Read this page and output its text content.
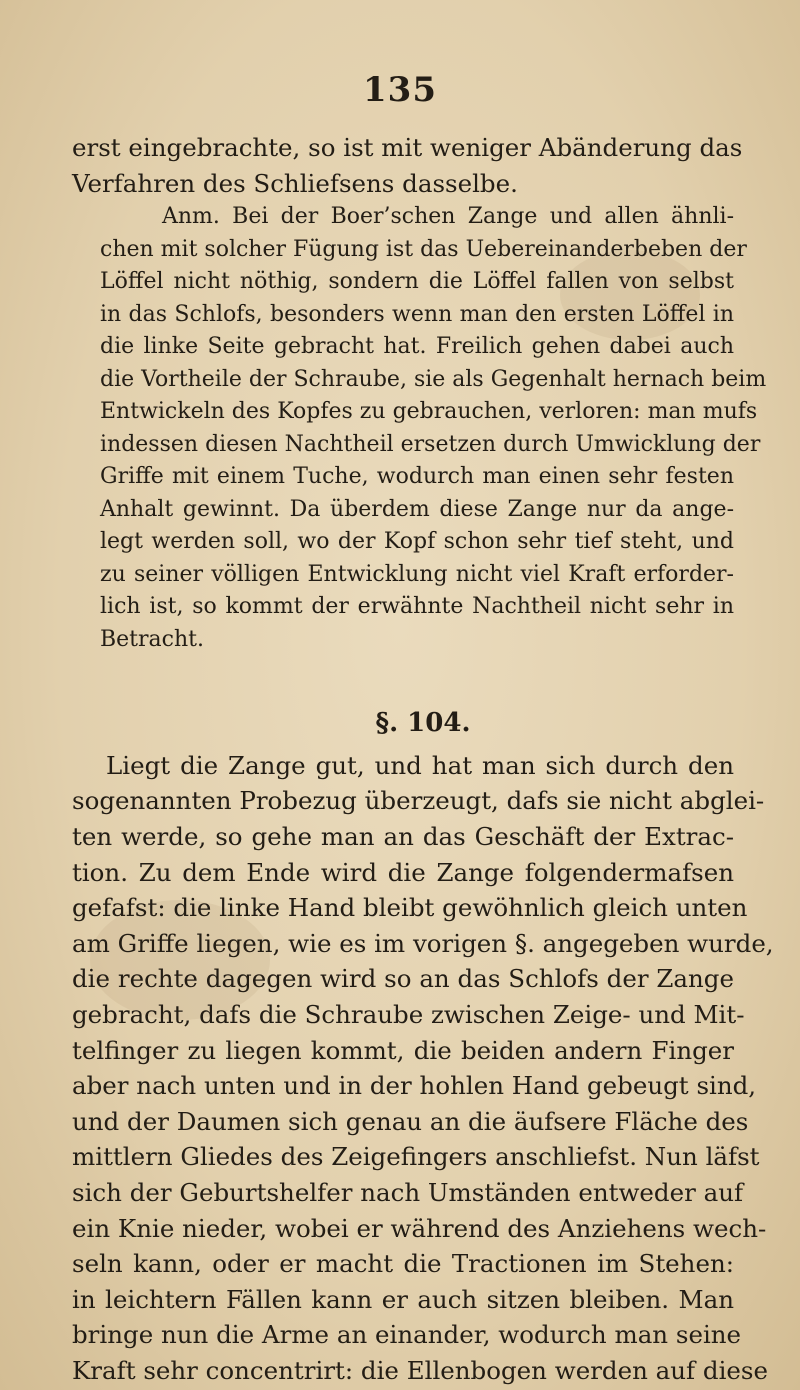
135
erst eingebrachte, so ist mit weniger Abänderung das
Verfahren des Schliefsens dasselbe.
Anm. Bei der Boer’schen Zange und allen ähnli-
chen mit solcher Fügung ist das Uebereinanderbeben der
Löffel nicht nöthig, sondern die Löffel fallen von selbst
in das Schlofs, besonders wenn man den ersten Löffel in
die linke Seite gebracht hat. Freilich gehen dabei auch
die Vortheile der Schraube, sie als Gegenhalt hernach beim
Entwickeln des Kopfes zu gebrauchen, verloren: man mufs
indessen diesen Nachtheil ersetzen durch Umwicklung der
Griffe mit einem Tuche, wodurch man einen sehr festen
Anhalt gewinnt. Da überdem diese Zange nur da ange-
legt werden soll, wo der Kopf schon sehr tief steht, und
zu seiner völligen Entwicklung nicht viel Kraft erforder-
lich ist, so kommt der erwähnte Nachtheil nicht sehr in
Betracht.
§. 104.
Liegt die Zange gut, und hat man sich durch den
sogenannten Probezug überzeugt, dafs sie nicht abglei-
ten werde, so gehe man an das Geschäft der Extrac-
tion. Zu dem Ende wird die Zange folgendermafsen
gefafst: die linke Hand bleibt gewöhnlich gleich unten
am Griffe liegen, wie es im vorigen §. angegeben wurde,
die rechte dagegen wird so an das Schlofs der Zange
gebracht, dafs die Schraube zwischen Zeige- und Mit-
telfinger zu liegen kommt, die beiden andern Finger
aber nach unten und in der hohlen Hand gebeugt sind,
und der Daumen sich genau an die äufsere Fläche des
mittlern Gliedes des Zeigefingers anschliefst. Nun läfst
sich der Geburtshelfer nach Umständen entweder auf
ein Knie nieder, wobei er während des Anziehens wech-
seln kann, oder er macht die Tractionen im Stehen:
in leichtern Fällen kann er auch sitzen bleiben. Man
bringe nun die Arme an einander, wodurch man seine
Kraft sehr concentrirt: die Ellenbogen werden auf diese
